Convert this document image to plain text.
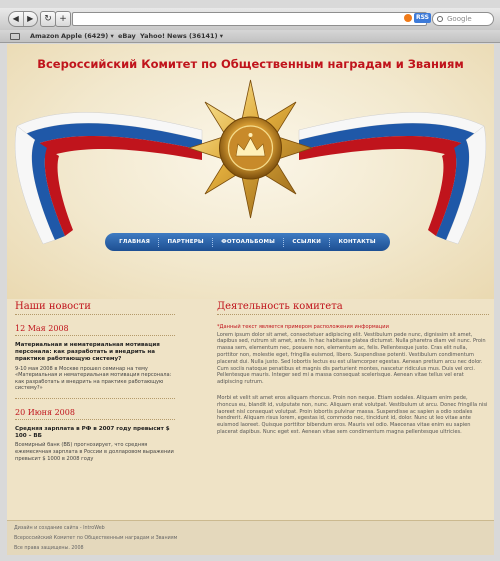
◀	▶	↻ +	RSS	Google
Amazon Apple (6429) ▾ eBay Yahoo! News (36141) ▾
Всероссийский Комитет по Общественным наградам и Званиям
ГЛАВНАЯ	ПАРТНЕРЫ	ФОТОАЛЬБОМЫ	ССЫЛКИ	КОНТАКТЫ
Наши новости
12 Мая 2008
Материальная и нематериальная мотивация персонала: как разработать и внедрить на практике работающую систему?
9-10 мая 2008 в Москве прошел семинар на тему «Материальная и нематериальная мотивация персонала: как разработать и внедрить на практике работающую систему?»
20 Июня 2008
Средняя зарплата в РФ в 2007 году превысит $ 100 – ВБ
Всемирный банк (ВБ) прогнозирует, что средняя ежемесячная зарплата в России в долларовом выражении превысит $ 1000 в 2008 году
Деятельность комитета
*Данный текст является примером расположения информации
Lorem ipsum dolor sit amet, consectetuer adipiscing elit. Vestibulum pede nunc, dignissim sit amet, dapibus sed, rutrum sit amet, ante. In hac habitasse platea dictumst. Nulla pharetra diam vel nunc. Proin massa sem, elementum nec, posuere non, elementum ac, felis. Pellentesque justo. Cras elit nulla, porttitor non, molestie eget, fringilla euismod, libero. Suspendisse potenti. Vestibulum condimentum placerat dui. Nulla justo. Sed lobortis lectus eu est ullamcorper egestas. Aenean pretium arcu nec dolor. Cum sociis natoque penatibus et magnis dis parturient montes, nascetur ridiculus mus. Duis vel orci. Pellentesque mauris. Integer sed mi a massa consequat scelerisque. Aenean vitae tellus vel erat adipiscing rutrum.
Morbi et velit sit amet eros aliquam rhoncus. Proin non neque. Etiam sodales. Aliquam enim pede, rhoncus eu, blandit id, vulputate non, nunc. Aliquam erat volutpat. Vestibulum ut arcu. Donec fringilla nisi laoreet nisl consequat volutpat. Proin lobortis pulvinar massa. Suspendisse ac sapien a odio sodales hendrerit. Aliquam risus lorem, egestas id, commodo nec, tincidunt id, dolor. Nunc ut leo vitae ante euismod laoreet. Quisque porttitor bibendum eros. Mauris vel odio. Maecenas vitae enim eu sapien placerat dapibus. Nunc eget est. Aenean vitae sem condimentum magna pellentesque ultricies.
Дизайн и создание сайта - IntroWeb
Всероссийский Комитет по Общественным наградам и Званиям
Все права защищены. 2008
